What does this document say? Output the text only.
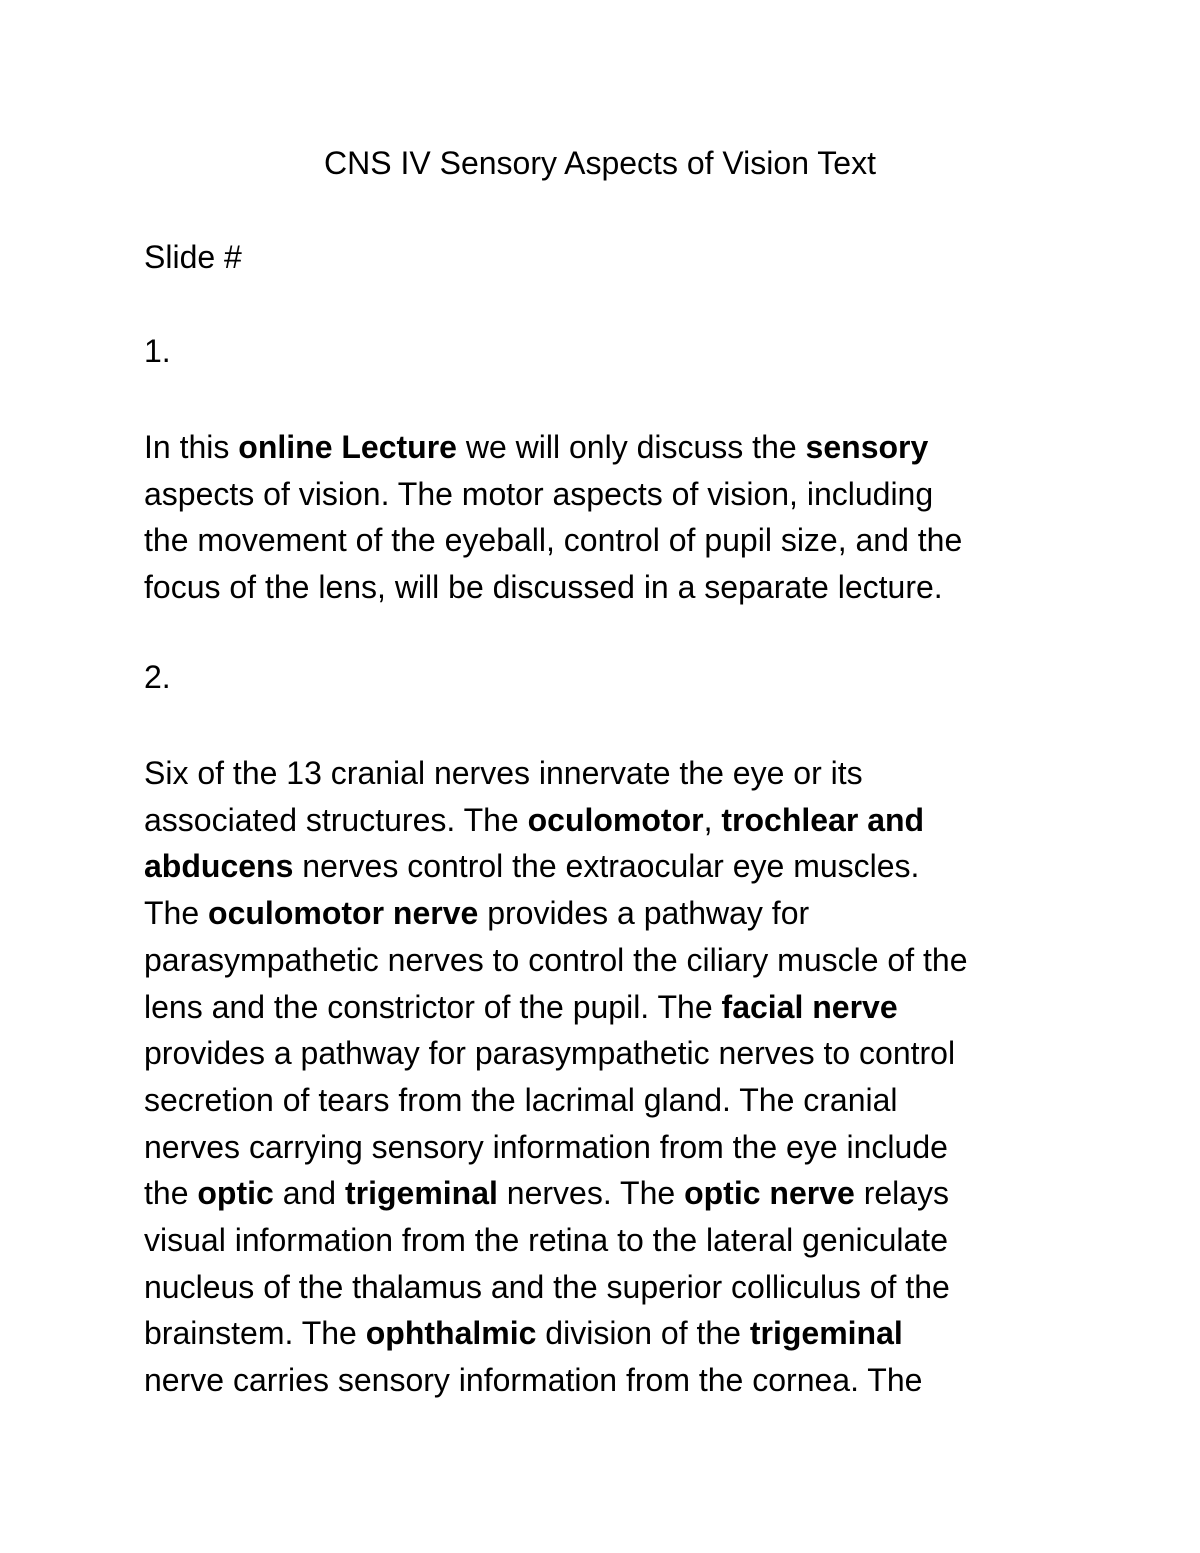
CNS IV Sensory Aspects of Vision Text

Slide #

1.

In this online Lecture we will only discuss the sensory
aspects of vision. The motor aspects of vision, including
the movement of the eyeball, control of pupil size, and the
focus of the lens, will be discussed in a separate lecture.

2.

Six of the 13 cranial nerves innervate the eye or its
associated structures. The oculomotor, trochlear and
abducens nerves control the extraocular eye muscles.
The oculomotor nerve provides a pathway for
parasympathetic nerves to control the ciliary muscle of the
lens and the constrictor of the pupil. The facial nerve
provides a pathway for parasympathetic nerves to control
secretion of tears from the lacrimal gland. The cranial
nerves carrying sensory information from the eye include
the optic and trigeminal nerves. The optic nerve relays
visual information from the retina to the lateral geniculate
nucleus of the thalamus and the superior colliculus of the
brainstem. The ophthalmic division of the trigeminal
nerve carries sensory information from the cornea. The
